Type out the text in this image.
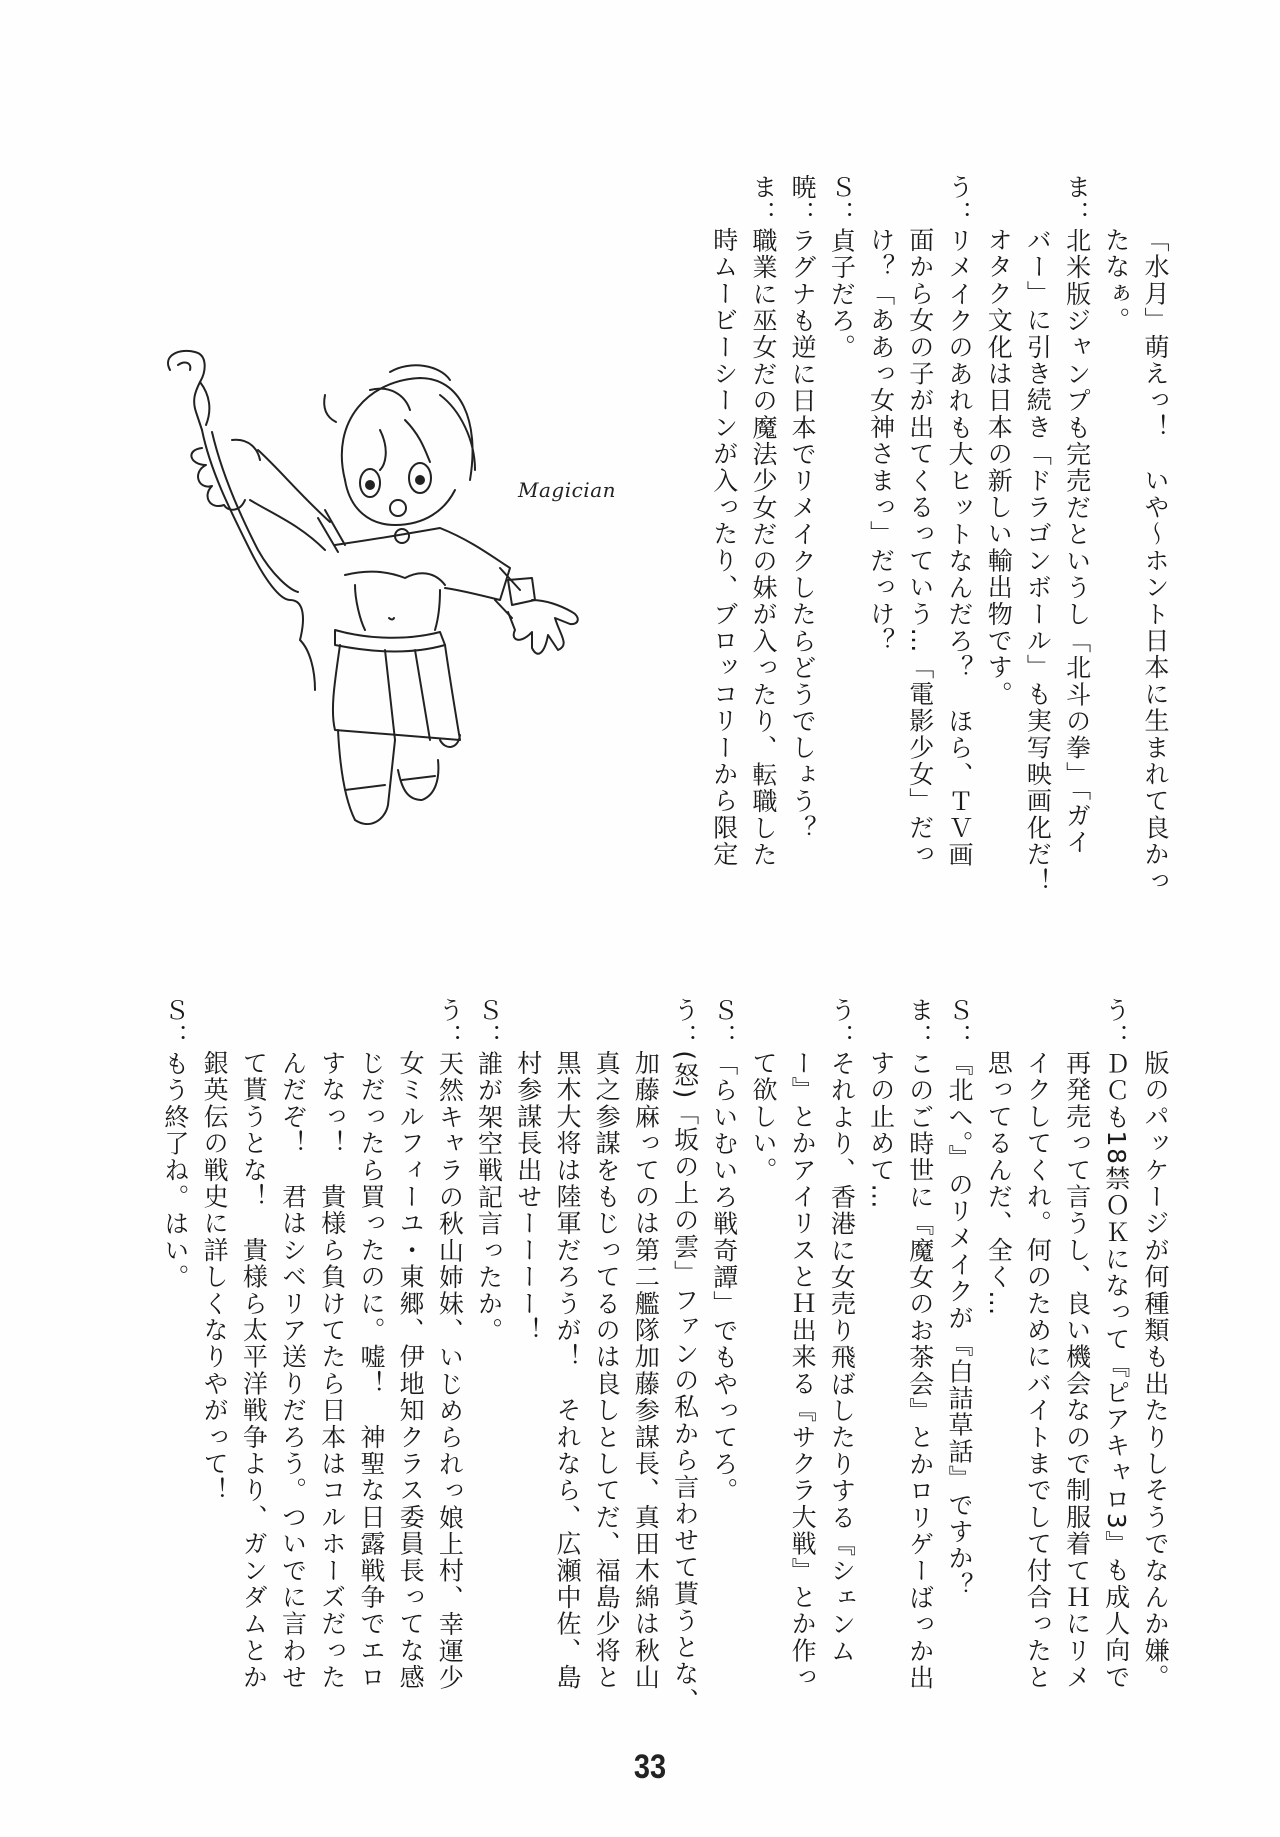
「水月」萌えっ！　いや〜ホント日本に生まれて良かっ
たなぁ。
ま：北米版ジャンプも完売だというし「北斗の拳」「ガイ
バー」に引き続き「ドラゴンボール」も実写映画化だ！
オタク文化は日本の新しい輸出物です。
う：リメイクのあれも大ヒットなんだろ？　ほら、ＴＶ画
面から女の子が出てくるっていう…「電影少女」だっ
け？「ああっ女神さまっ」だっけ？
Ｓ：貞子だろ。
暁：ラグナも逆に日本でリメイクしたらどうでしょう？
ま：職業に巫女だの魔法少女だの妹が入ったり、転職した
時ムービーシーンが入ったり、ブロッコリーから限定
Magician
版のパッケージが何種類も出たりしそうでなんか嫌。
う：ＤＣも18禁ＯＫになって『ピアキャロ3』も成人向で
再発売って言うし、良い機会なので制服着てＨにリメ
イクしてくれ。何のためにバイトまでして付合ったと
思ってるんだ、全く…
Ｓ：『北へ。』のリメイクが『白詰草話』ですか？
ま：このご時世に『魔女のお茶会』とかロリゲーばっか出
すの止めて…
う：それより、香港に女売り飛ばしたりする『シェンム
ー』とかアイリスとＨ出来る『サクラ大戦』とか作っ
て欲しい。
Ｓ：「らいむいろ戦奇譚」でもやってろ。
う：(怒)「坂の上の雲」ファンの私から言わせて貰うとな、
加藤麻ってのは第二艦隊加藤参謀長、真田木綿は秋山
真之参謀をもじってるのは良しとしてだ、福島少将と
黒木大将は陸軍だろうが！　それなら、広瀬中佐、島
村参謀長出せーーーー！
Ｓ：誰が架空戦記言ったか。
う：天然キャラの秋山姉妹、いじめられっ娘上村、幸運少
女ミルフィーユ・東郷、伊地知クラス委員長ってな感
じだったら買ったのに。嘘！　神聖な日露戦争でエロ
すなっ！　貴様ら負けてたら日本はコルホーズだった
んだぞ！　君はシベリア送りだろう。ついでに言わせ
て貰うとな！　貴様ら太平洋戦争より、ガンダムとか
銀英伝の戦史に詳しくなりやがって！
Ｓ：もう終了ね。はい。
33
